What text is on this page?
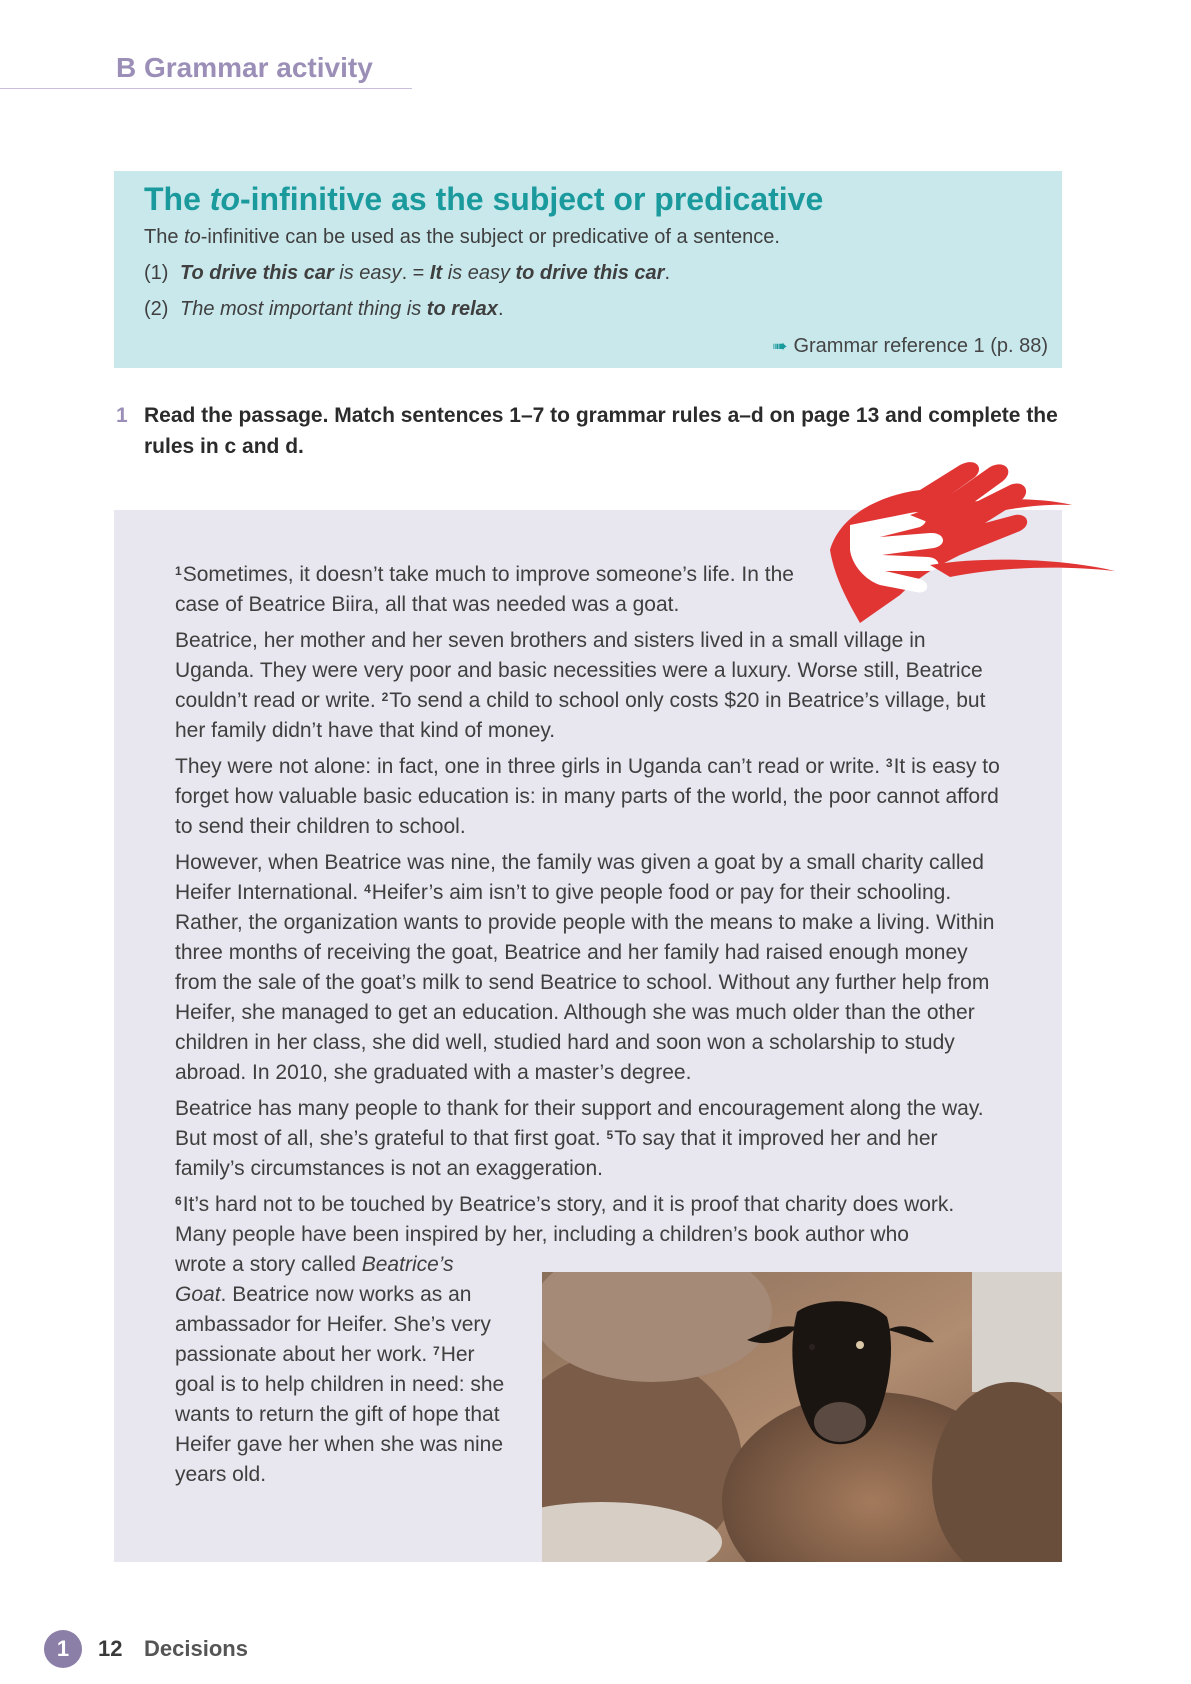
B Grammar activity
The to-infinitive as the subject or predicative
The to-infinitive can be used as the subject or predicative of a sentence.
(1) To drive this car is easy. = It is easy to drive this car.
(2) The most important thing is to relax.
➠ Grammar reference 1 (p. 88)
1 Read the passage. Match sentences 1–7 to grammar rules a–d on page 13 and complete the rules in c and d.

$^1$Sometimes, it doesn’t take much to improve someone’s life. In the case of Beatrice Biira, all that was needed was a goat.

Beatrice, her mother and her seven brothers and sisters lived in a small village in Uganda. They were very poor and basic necessities were a luxury. Worse still, Beatrice couldn’t read or write. $^2$To send a child to school only costs $20 in Beatrice’s village, but her family didn’t have that kind of money.

They were not alone: in fact, one in three girls in Uganda can’t read or write. $^3$It is easy to forget how valuable basic education is: in many parts of the world, the poor cannot afford to send their children to school.

However, when Beatrice was nine, the family was given a goat by a small charity called Heifer International. $^4$Heifer’s aim isn’t to give people food or pay for their schooling. Rather, the organization wants to provide people with the means to make a living. Within three months of receiving the goat, Beatrice and her family had raised enough money from the sale of the goat’s milk to send Beatrice to school. Without any further help from Heifer, she managed to get an education. Although she was much older than the other children in her class, she did well, studied hard and soon won a scholarship to study abroad. In 2010, she graduated with a master’s degree.

Beatrice has many people to thank for their support and encouragement along the way. But most of all, she’s grateful to that first goat. $^5$To say that it improved her and her family’s circumstances is not an exaggeration.

$^6$It’s hard not to be touched by Beatrice’s story, and it is proof that charity does work. Many people have been inspired by her, including a children’s book author who

wrote a story called Beatrice’s Goat. Beatrice now works as an ambassador for Heifer. She’s very passionate about her work. $^7$Her goal is to help children in need: she wants to return the gift of hope that Heifer gave her when she was nine years old.

1	12 Decisions
